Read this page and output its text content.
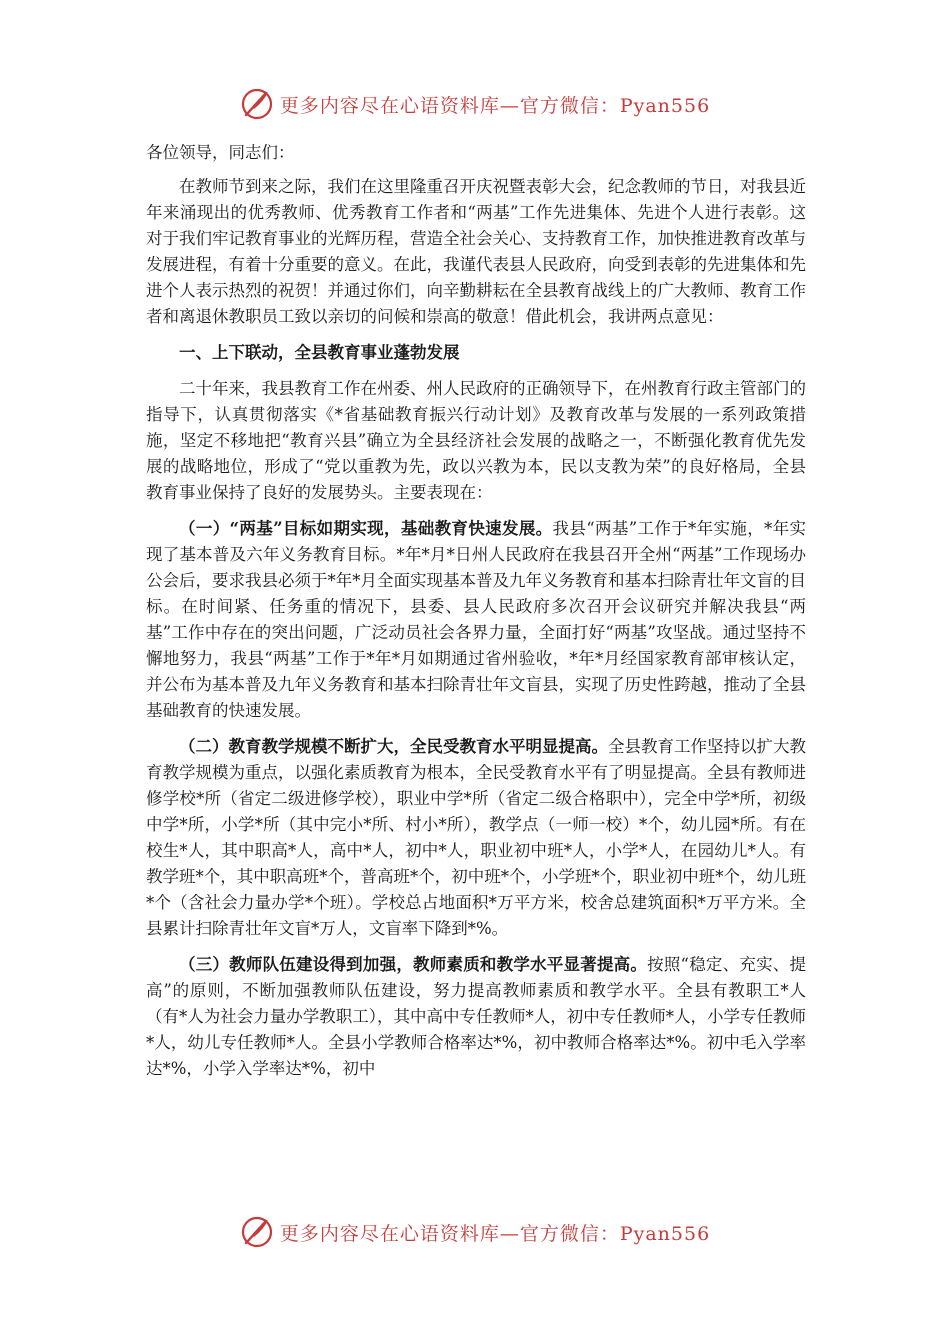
更多内容尽在心语资料库—官方微信：Pyan556

各位领导，同志们：

在教师节到来之际，我们在这里隆重召开庆祝暨表彰大会，纪念教师的节日，对我县近年来涌现出的优秀教师、优秀教育工作者和“两基”工作先进集体、先进个人进行表彰。这对于我们牢记教育事业的光辉历程，营造全社会关心、支持教育工作，加快推进教育改革与发展进程，有着十分重要的意义。在此，我谨代表县人民政府，向受到表彰的先进集体和先进个人表示热烈的祝贺！并通过你们，向辛勤耕耘在全县教育战线上的广大教师、教育工作者和离退休教职员工致以亲切的问候和崇高的敬意！借此机会，我讲两点意见：

一、上下联动，全县教育事业蓬勃发展

二十年来，我县教育工作在州委、州人民政府的正确领导下，在州教育行政主管部门的指导下，认真贯彻落实《*省基础教育振兴行动计划》及教育改革与发展的一系列政策措施，坚定不移地把“教育兴县”确立为全县经济社会发展的战略之一，不断强化教育优先发展的战略地位，形成了“党以重教为先，政以兴教为本，民以支教为荣”的良好格局，全县教育事业保持了良好的发展势头。主要表现在：

（一）“两基”目标如期实现，基础教育快速发展。我县“两基”工作于*年实施，*年实现了基本普及六年义务教育目标。*年*月*日州人民政府在我县召开全州“两基”工作现场办公会后，要求我县必须于*年*月全面实现基本普及九年义务教育和基本扫除青壮年文盲的目标。在时间紧、任务重的情况下，县委、县人民政府多次召开会议研究并解决我县“两基”工作中存在的突出问题，广泛动员社会各界力量，全面打好“两基”攻坚战。通过坚持不懈地努力，我县“两基”工作于*年*月如期通过省州验收，*年*月经国家教育部审核认定，并公布为基本普及九年义务教育和基本扫除青壮年文盲县，实现了历史性跨越，推动了全县基础教育的快速发展。

（二）教育教学规模不断扩大，全民受教育水平明显提高。全县教育工作坚持以扩大教育教学规模为重点，以强化素质教育为根本，全民受教育水平有了明显提高。全县有教师进修学校*所（省定二级进修学校），职业中学*所（省定二级合格职中），完全中学*所，初级中学*所，小学*所（其中完小*所、村小*所），教学点（一师一校）*个，幼儿园*所。有在校生*人，其中职高*人，高中*人，初中*人，职业初中班*人，小学*人，在园幼儿*人。有教学班*个，其中职高班*个，普高班*个，初中班*个，小学班*个，职业初中班*个，幼儿班*个（含社会力量办学*个班）。学校总占地面积*万平方米，校舍总建筑面积*万平方米。全县累计扫除青壮年文盲*万人，文盲率下降到*%。

（三）教师队伍建设得到加强，教师素质和教学水平显著提高。按照“稳定、充实、提高”的原则，不断加强教师队伍建设，努力提高教师素质和教学水平。全县有教职工*人（有*人为社会力量办学教职工），其中高中专任教师*人，初中专任教师*人，小学专任教师*人，幼儿专任教师*人。全县小学教师合格率达*%，初中教师合格率达*%。初中毛入学率达*%，小学入学率达*%，初中

更多内容尽在心语资料库—官方微信：Pyan556
